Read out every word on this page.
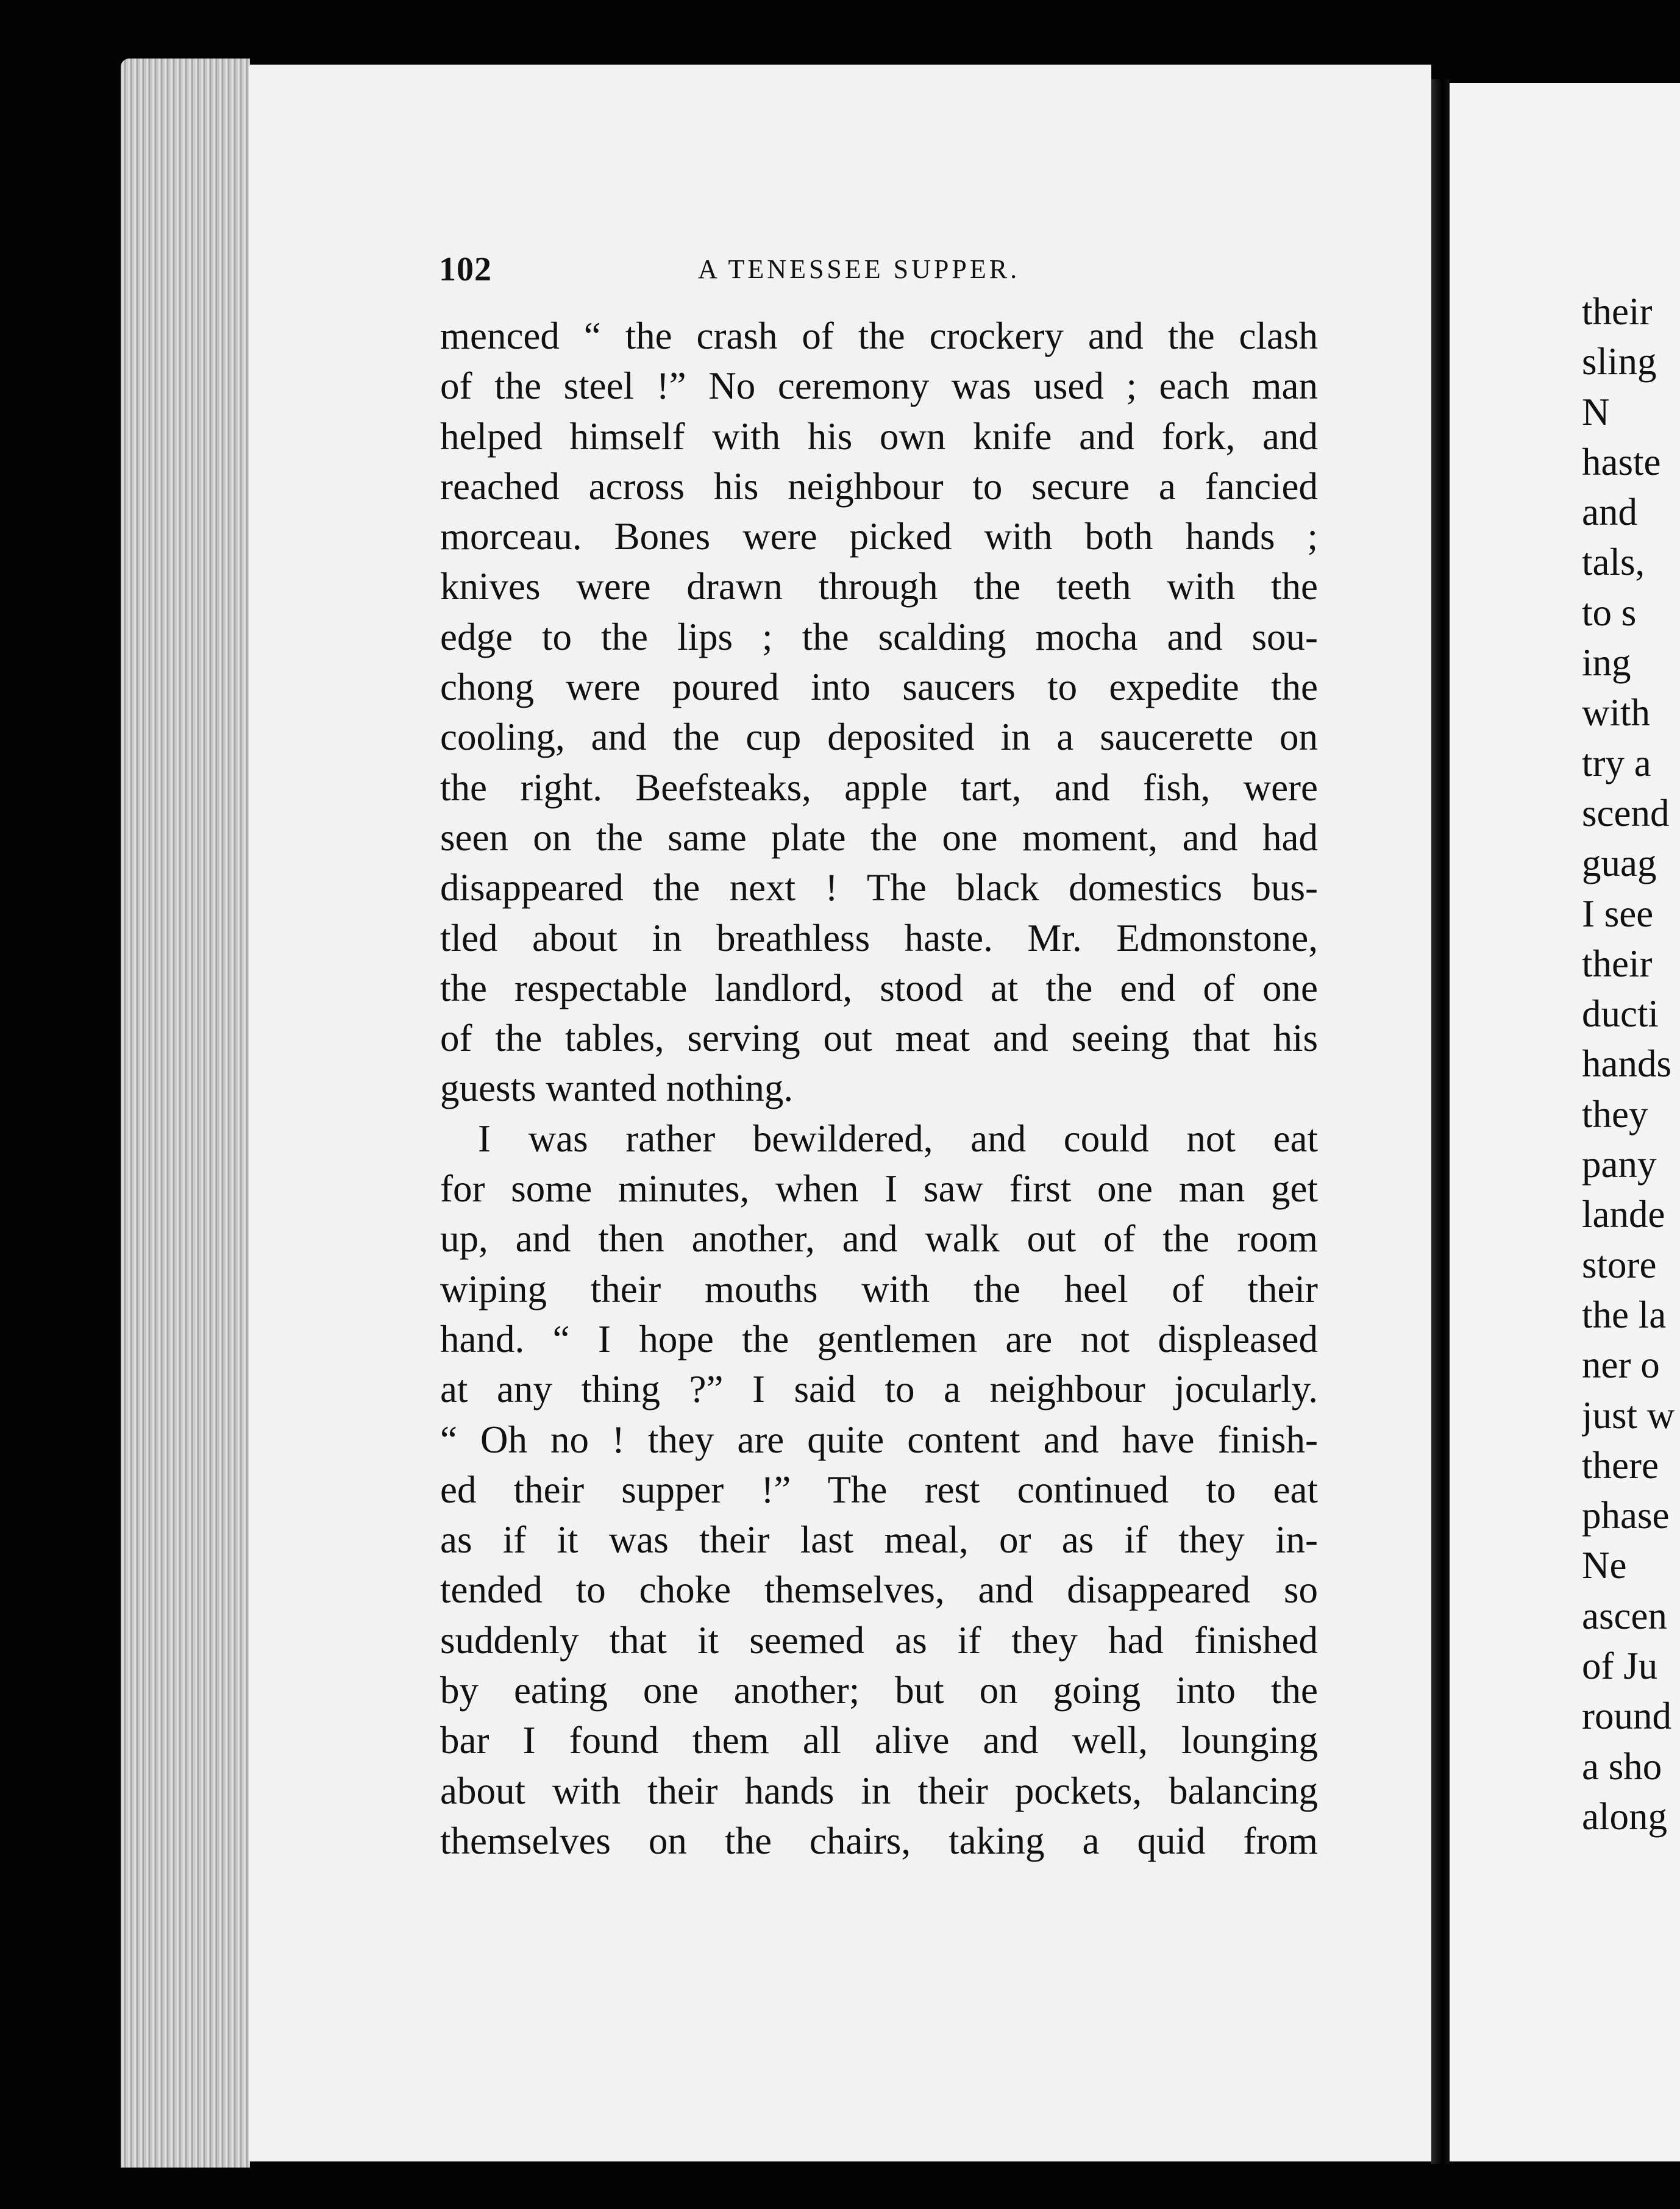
102	A TENESSEE SUPPER.
menced “ the crash of the crockery and the clash
of the steel !” No ceremony was used ; each man
helped himself with his own knife and fork, and
reached across his neighbour to secure a fancied
morceau. Bones were picked with both hands ;
knives were drawn through the teeth with the
edge to the lips ; the scalding mocha and sou-
chong were poured into saucers to expedite the
cooling, and the cup deposited in a saucerette on
the right. Beefsteaks, apple tart, and fish, were
seen on the same plate the one moment, and had
disappeared the next ! The black domestics bus-
tled about in breathless haste. Mr. Edmonstone,
the respectable landlord, stood at the end of one
of the tables, serving out meat and seeing that his
guests wanted nothing.
I was rather bewildered, and could not eat
for some minutes, when I saw first one man get
up, and then another, and walk out of the room
wiping their mouths with the heel of their
hand. “ I hope the gentlemen are not displeased
at any thing ?” I said to a neighbour jocularly.
“ Oh no ! they are quite content and have finish-
ed their supper !” The rest continued to eat
as if it was their last meal, or as if they in-
tended to choke themselves, and disappeared so
suddenly that it seemed as if they had finished
by eating one another; but on going into the
bar I found them all alive and well, lounging
about with their hands in their pockets, balancing
themselves on the chairs, taking a quid from
their
sling
N
haste
and
tals,
to s
ing
with
try a
scend
guag
I see
their
ducti
hands
they
pany
lande
store
the la
ner o
just w
there
phase
Ne
ascen
of Ju
round
a sho
along
